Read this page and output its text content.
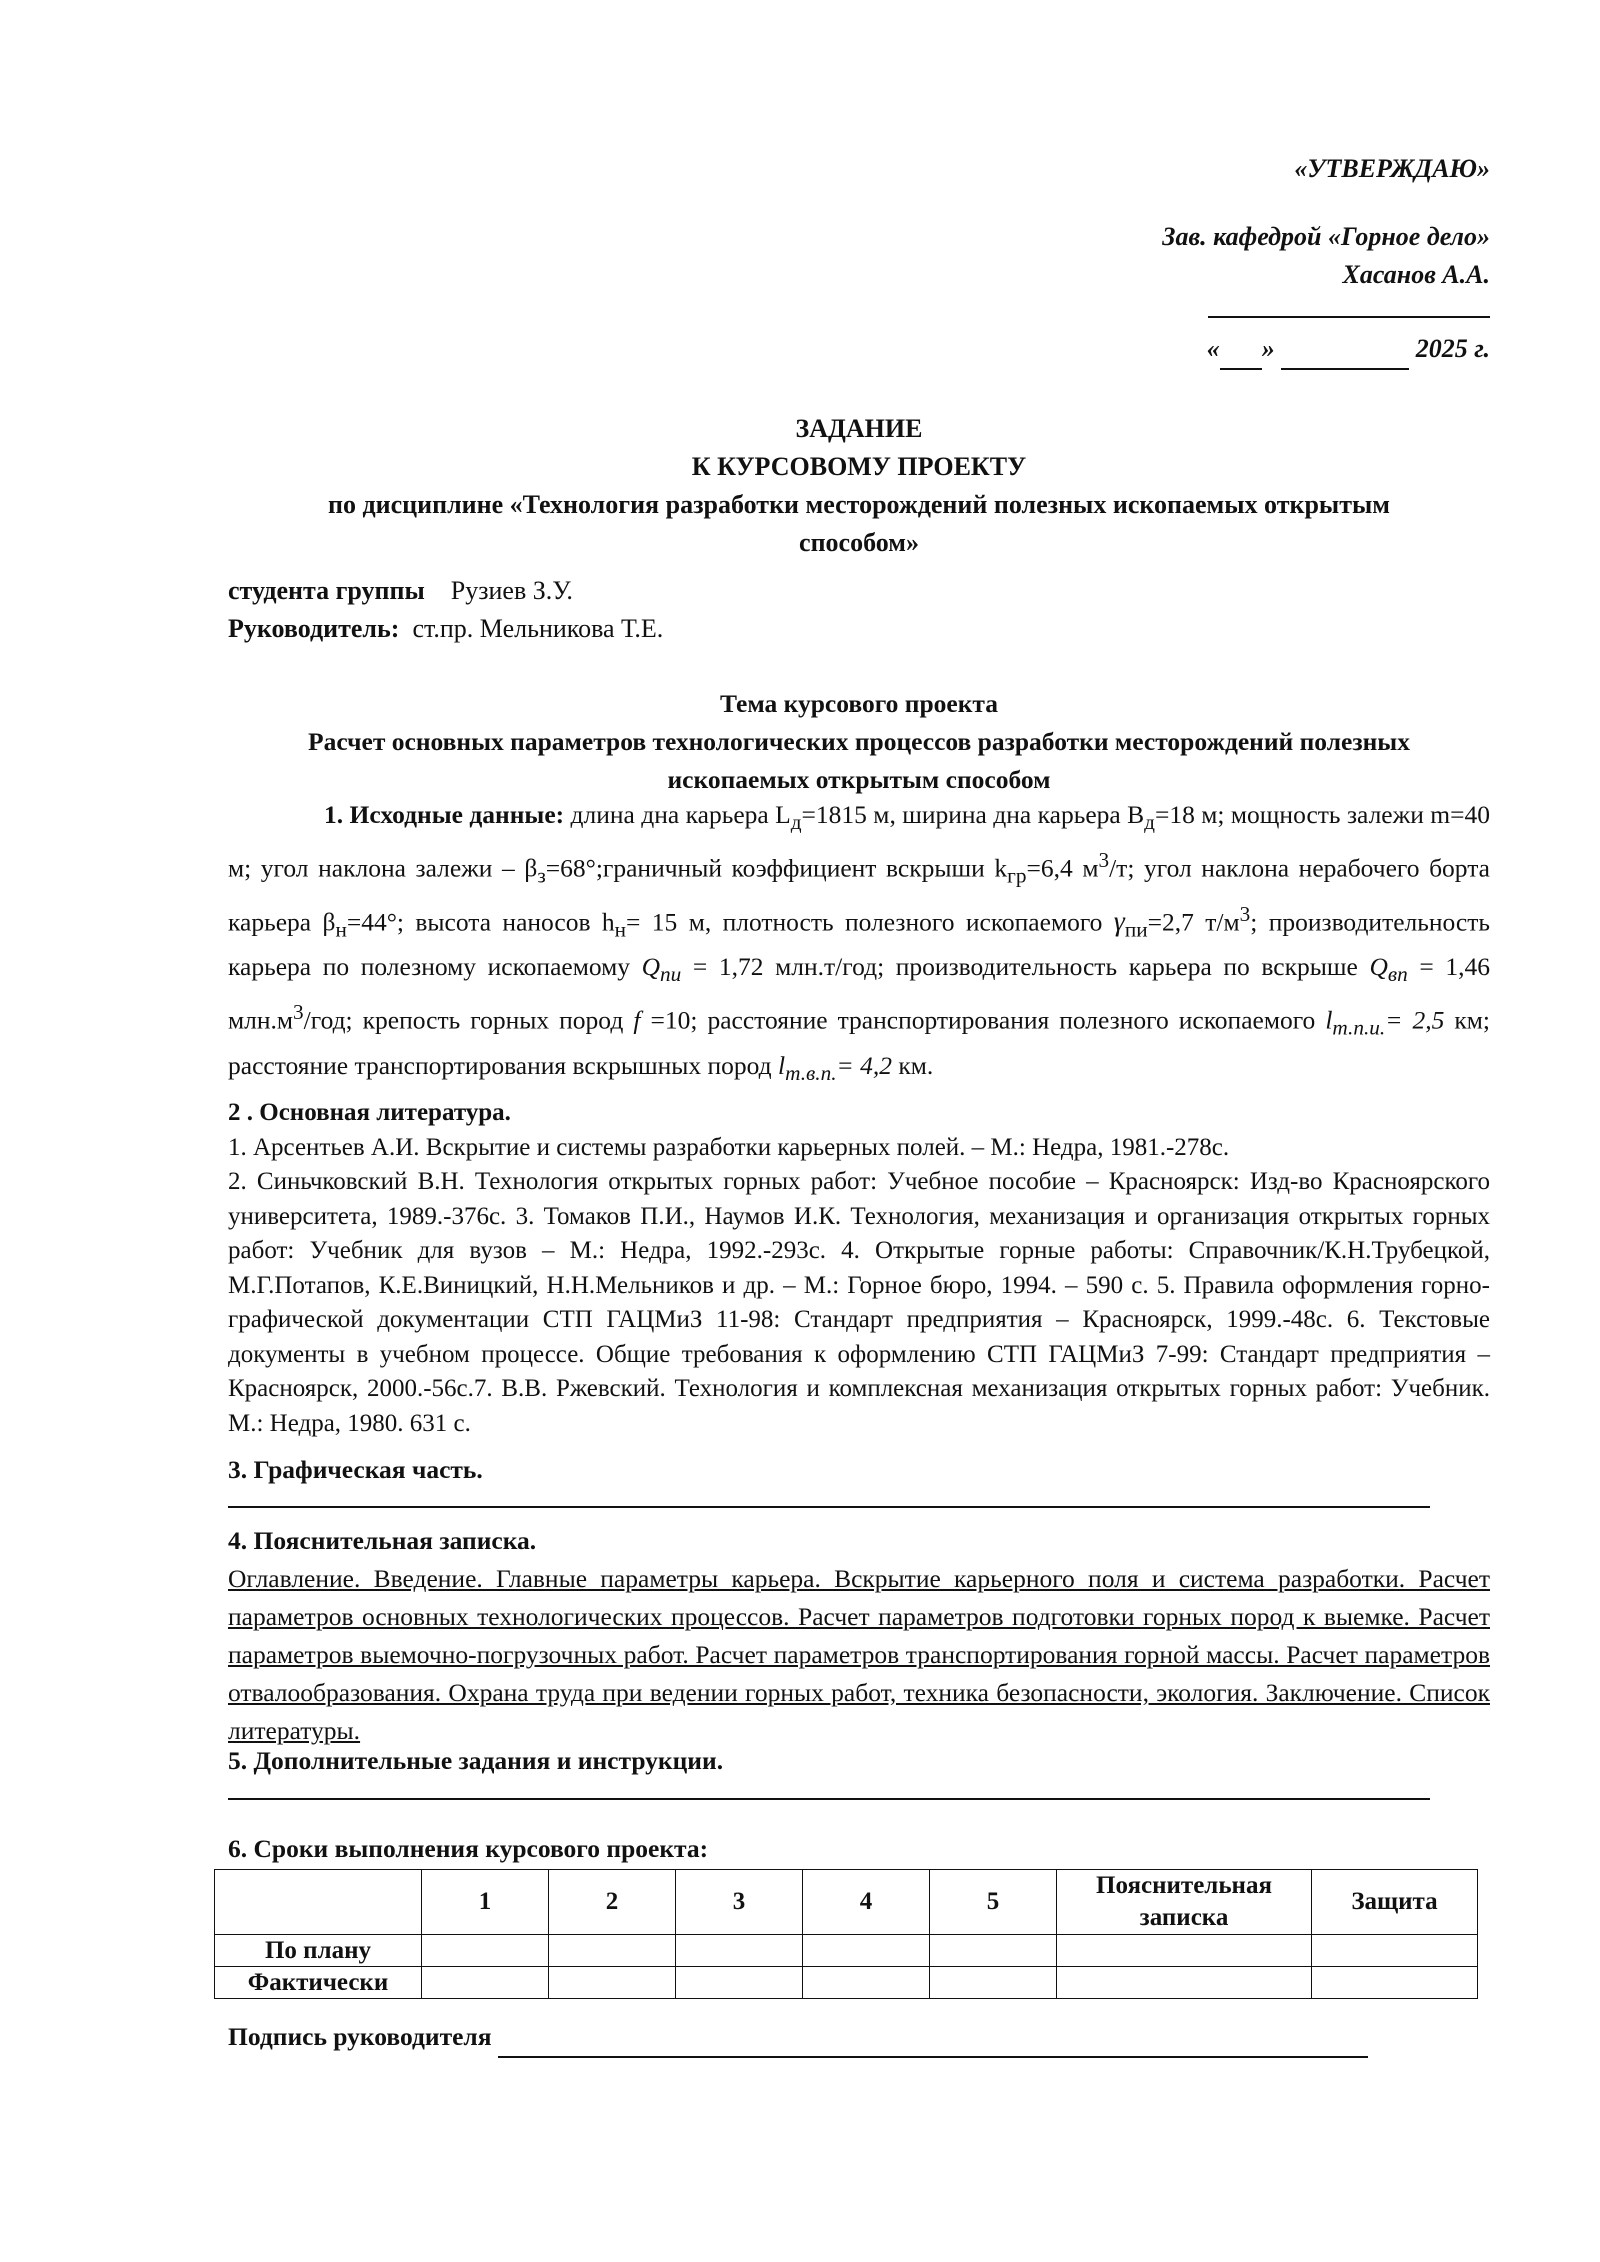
«УТВЕРЖДАЮ»

Зав. кафедрой «Горное дело»

Хасанов А.А.

« »	2025 г.

ЗАДАНИЕ

К КУРСОВОМУ ПРОЕКТУ

по дисциплине «Технология разработки месторождений полезных ископаемых открытым

способом»

студента группы Рузиев З.У.
Руководитель: ст.пр. Мельникова Т.Е.

Тема курсового проекта

Расчет основных параметров технологических процессов разработки месторождений полезных

ископаемых открытым способом

1. Исходные данные: длина дна карьера $L_д=1815$ м, ширина дна карьера $B_д=18$ м; мощность залежи m=40 м; угол наклона залежи – $\beta_з=68^\circ;граничный$ коэффициент вскрыши $k_{гр}=6,4$ $м^3/т$; угол наклона нерабочего борта карьера $\beta_н=44^\circ$; высота наносов $h_н= 15$ м, плотность полезного ископаемого $\gamma_{пи}=2,7$ $т/м^3$; производительность карьера по полезному ископаемому $Q_{пи} = 1,72$ млн.т/год; производительность карьера по вскрыше $Q_{вп} = 1,46$ $млн.м^3$/год; крепость горных пород f =10; расстояние транспортирования полезного ископаемого $l_{т.п.и.}= 2,5$ км; расстояние транспортирования вскрышных пород $l_{т.в.п.}= 4,2$ км.

2 . Основная литература.

1. Арсентьев А.И. Вскрытие и системы разработки карьерных полей. – М.: Недра, 1981.-278с.

2. Синьчковский В.Н. Технология открытых горных работ: Учебное пособие – Красноярск: Изд-во Красноярского университета, 1989.-376с. 3. Томаков П.И., Наумов И.К. Технология, механизация и организация открытых горных работ: Учебник для вузов – М.: Недра, 1992.-293с. 4. Открытые горные работы: Справочник/К.Н.Трубецкой, М.Г.Потапов, К.Е.Виницкий, Н.Н.Мельников и др. – М.: Горное бюро, 1994. – 590 с. 5. Правила оформления горно-графической документации СТП ГАЦМиЗ 11-98: Стандарт предприятия – Красноярск, 1999.-48с. 6. Текстовые документы в учебном процессе. Общие требования к оформлению СТП ГАЦМиЗ 7-99: Стандарт предприятия – Красноярск, 2000.-56с.7. В.В. Ржевский. Технология и комплексная механизация открытых горных работ: Учебник. М.: Недра, 1980. 631 с.

3. Графическая часть.

4. Пояснительная записка.

Оглавление. Введение. Главные параметры карьера. Вскрытие карьерного поля и система разработки. Расчет параметров основных технологических процессов. Расчет параметров подготовки горных пород к выемке. Расчет параметров выемочно-погрузочных работ. Расчет параметров транспортирования горной массы. Расчет параметров отвалообразования. Охрана труда при ведении горных работ, техника безопасности, экология. Заключение. Список литературы.

5. Дополнительные задания и инструкции.

6. Сроки выполнения курсового проекта:

	1	2	3	4	5	Пояснительная записка	Защита
По плану							
Фактически							
Подпись руководителя
